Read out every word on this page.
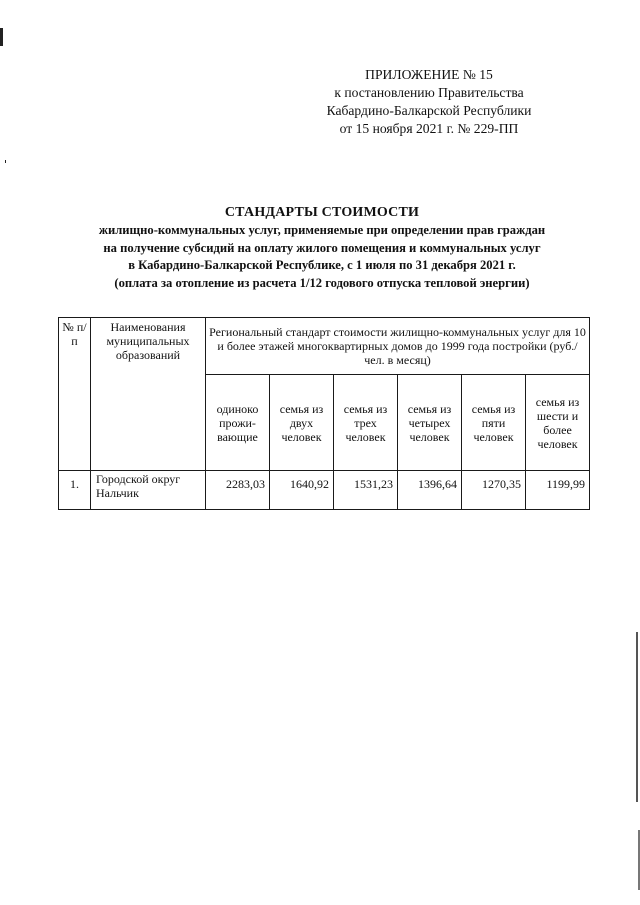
ПРИЛОЖЕНИЕ № 15
к постановлению Правительства
Кабардино-Балкарской Республики
от 15 ноября 2021 г. № 229-ПП
СТАНДАРТЫ СТОИМОСТИ
жилищно-коммунальных услуг, применяемые при определении прав граждан
на получение субсидий на оплату жилого помещения и коммунальных услуг
в Кабардино-Балкарской Республике, с 1 июля по 31 декабря 2021 г.
(оплата за отопление из расчета 1/12 годового отпуска тепловой энергии)
№ п/п	Наименования муниципальных образований	Региональный стандарт стоимости жилищно-коммунальных услуг для 10 и более этажей многоквартирных домов до 1999 года постройки (руб./чел. в месяц)					
		одиноко прожи-вающие	семья из двух человек	семья из трех человек	семья из четырех человек	семья из пяти человек	семья из шести и более человек
1.	Городской округ Нальчик	2283,03	1640,92	1531,23	1396,64	1270,35	1199,99
